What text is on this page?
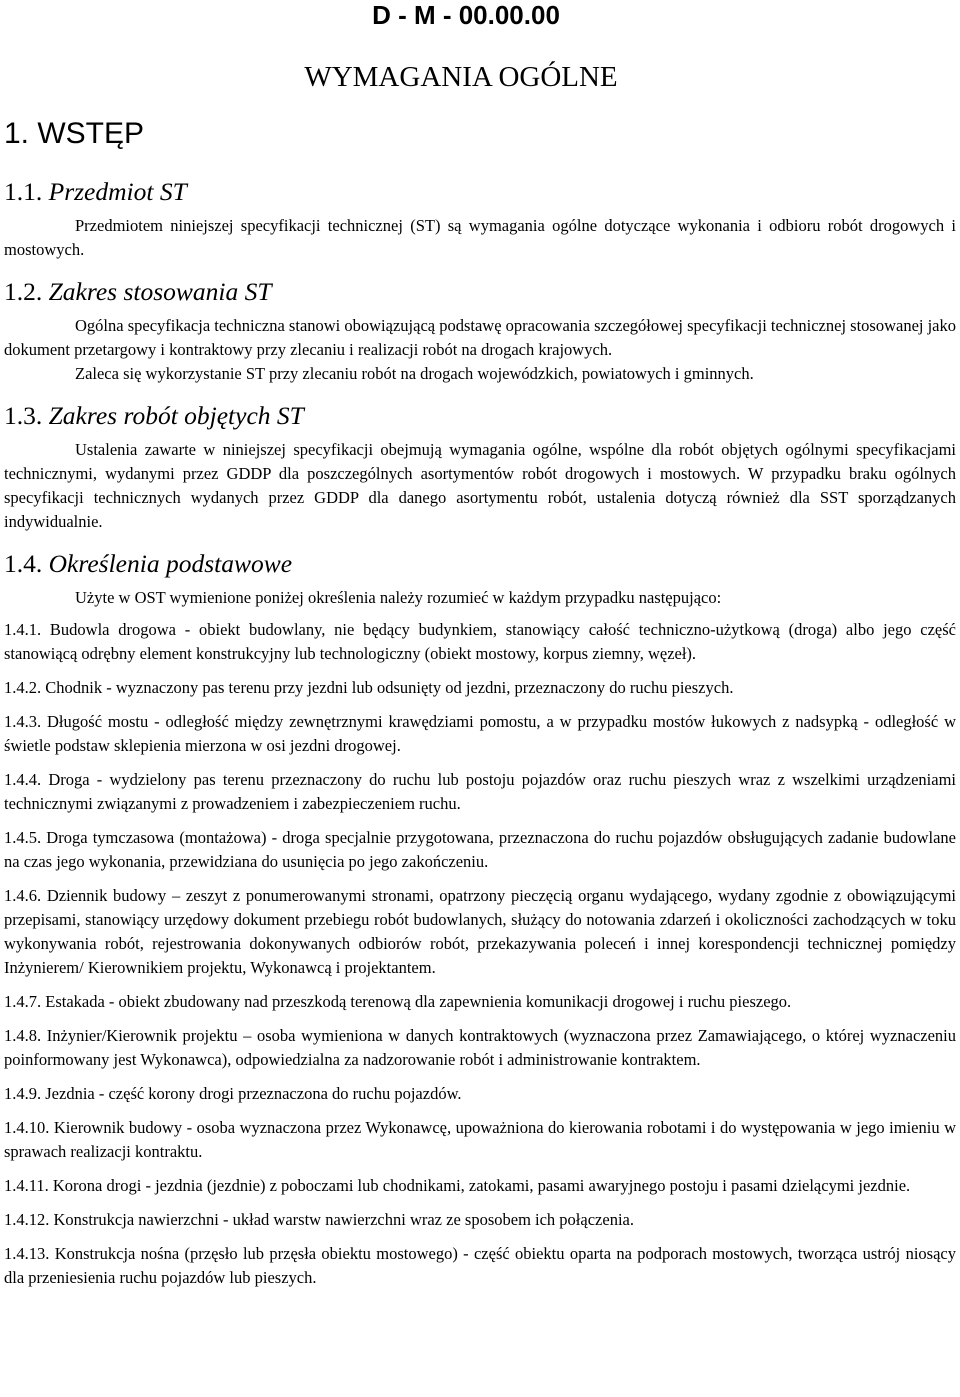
D - M - 00.00.00
WYMAGANIA OGÓLNE
1. WSTĘP
1.1. Przedmiot ST

Przedmiotem niniejszej specyfikacji technicznej (ST) są wymagania ogólne dotyczące wykonania i odbioru robót drogowych i mostowych.

1.2. Zakres stosowania ST

Ogólna specyfikacja techniczna stanowi obowiązującą podstawę opracowania szczegółowej specyfikacji technicznej stosowanej jako dokument przetargowy i kontraktowy przy zlecaniu i realizacji robót na drogach krajowych.

Zaleca się wykorzystanie ST przy zlecaniu robót na drogach wojewódzkich, powiatowych i gminnych.

1.3. Zakres robót objętych ST

Ustalenia zawarte w niniejszej specyfikacji obejmują wymagania ogólne, wspólne dla robót objętych ogólnymi specyfikacjami technicznymi, wydanymi przez GDDP dla poszczególnych asortymentów robót drogowych i mostowych. W przypadku braku ogólnych specyfikacji technicznych wydanych przez GDDP dla danego asortymentu robót, ustalenia dotyczą również dla SST sporządzanych indywidualnie.

1.4. Określenia podstawowe

Użyte w OST wymienione poniżej określenia należy rozumieć w każdym przypadku następująco:

1.4.1. Budowla drogowa - obiekt budowlany, nie będący budynkiem, stanowiący całość techniczno-użytkową (droga) albo jego część stanowiącą odrębny element konstrukcyjny lub technologiczny (obiekt mostowy, korpus ziemny, węzeł).

1.4.2. Chodnik - wyznaczony pas terenu przy jezdni lub odsunięty od jezdni, przeznaczony do ruchu pieszych.

1.4.3. Długość mostu - odległość między zewnętrznymi krawędziami pomostu, a w przypadku mostów łukowych z nadsypką - odległość w świetle podstaw sklepienia mierzona w osi jezdni drogowej.

1.4.4. Droga - wydzielony pas terenu przeznaczony do ruchu lub postoju pojazdów oraz ruchu pieszych wraz z wszelkimi urządzeniami technicznymi związanymi z prowadzeniem i zabezpieczeniem ruchu.

1.4.5. Droga tymczasowa (montażowa) - droga specjalnie przygotowana, przeznaczona do ruchu pojazdów obsługujących zadanie budowlane na czas jego wykonania, przewidziana do usunięcia po jego zakończeniu.

1.4.6. Dziennik budowy – zeszyt z ponumerowanymi stronami, opatrzony pieczęcią organu wydającego, wydany zgodnie z obowiązującymi przepisami, stanowiący urzędowy dokument przebiegu robót budowlanych, służący do notowania zdarzeń i okoliczności zachodzących w toku wykonywania robót, rejestrowania dokonywanych odbiorów robót, przekazywania poleceń i innej korespondencji technicznej pomiędzy Inżynierem/ Kierownikiem projektu, Wykonawcą i projektantem.

1.4.7. Estakada - obiekt zbudowany nad przeszkodą terenową dla zapewnienia komunikacji drogowej i ruchu pieszego.

1.4.8. Inżynier/Kierownik projektu – osoba wymieniona w danych kontraktowych (wyznaczona przez Zamawiającego, o której wyznaczeniu poinformowany jest Wykonawca), odpowiedzialna za nadzorowanie robót i administrowanie kontraktem.

1.4.9. Jezdnia - część korony drogi przeznaczona do ruchu pojazdów.

1.4.10. Kierownik budowy - osoba wyznaczona przez Wykonawcę, upoważniona do kierowania robotami i do występowania w jego imieniu w sprawach realizacji kontraktu.

1.4.11. Korona drogi - jezdnia (jezdnie) z poboczami lub chodnikami, zatokami, pasami awaryjnego postoju i pasami dzielącymi jezdnie.

1.4.12. Konstrukcja nawierzchni - układ warstw nawierzchni wraz ze sposobem ich połączenia.

1.4.13. Konstrukcja nośna (przęsło lub przęsła obiektu mostowego) - część obiektu oparta na podporach mostowych, tworząca ustrój niosący dla przeniesienia ruchu pojazdów lub pieszych.
